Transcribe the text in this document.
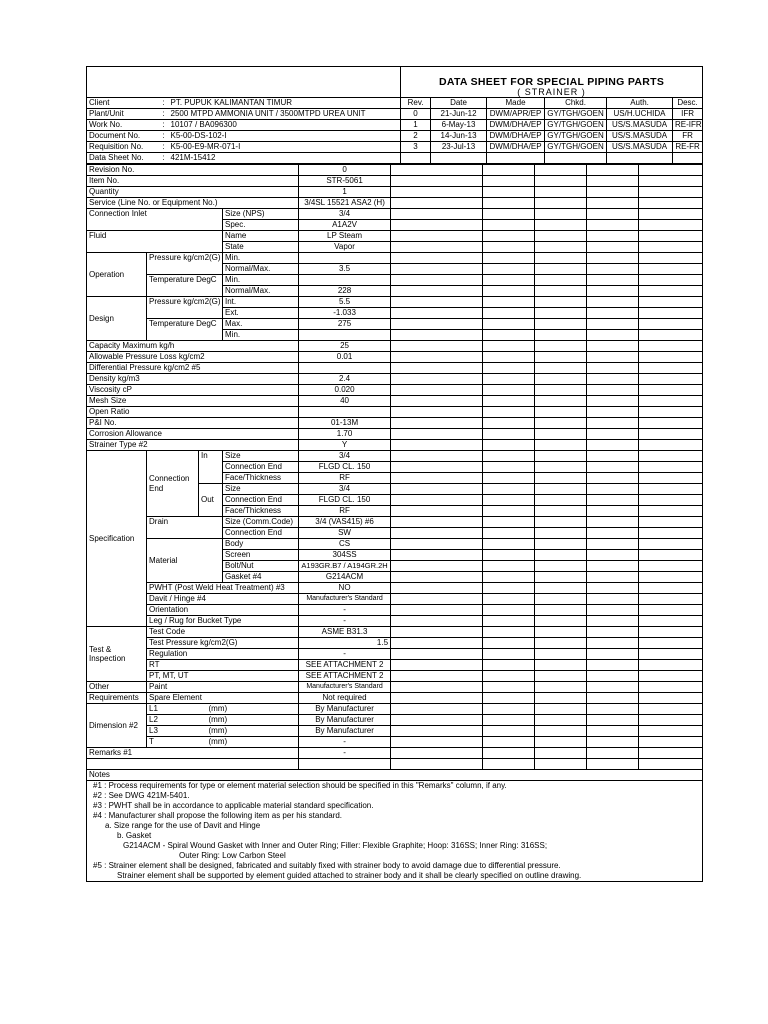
			DATA SHEET FOR SPECIAL PIPING PARTS					
			( STRAINER )					
Client	:	PT. PUPUK KALIMANTAN TIMUR	Rev.	Date	Made	Chkd.	Auth.	Desc.
Plant/Unit	:	2500 MTPD AMMONIA UNIT / 3500MTPD UREA UNIT	0	21-Jun-12	DWM/APR/EP	GY/TGH/GOEN	US/H.UCHIDA	IFR
Work No.	:	10107 / BA096300	1	6-May-13	DWM/DHA/EP	GY/TGH/GOEN	US/S.MASUDA	RE-IFR
Document No.	:	K5-00-DS-102-I	2	14-Jun-13	DWM/DHA/EP	GY/TGH/GOEN	US/S.MASUDA	FR
Requisition No.	:	K5-00-E9-MR-071-I	3	23-Jul-13	DWM/DHA/EP	GY/TGH/GOEN	US/S.MASUDA	RE-FR
Data Sheet No.	:	421M-15412						
Revision No.				0					
Item No.				STR-5061					
Quantity				1					
Service (Line No. or Equipment No.)				3/4SL 15521 ASA2 (H)					
Connection Inlet			Size (NPS)	3/4					
			Spec.	A1A2V					
Fluid			Name	LP Steam					
			State	Vapor					
Operation	Pressure kg/cm2(G)		Min.						
			Normal/Max.	3.5					
	Temperature DegC		Min.						
			Normal/Max.	228					
Design	Pressure kg/cm2(G)		Int.	5.5					
			Ext.	-1.033					
	Temperature DegC		Max.	275					
			Min.						
Capacity Maximum kg/h				25					
Allowable Pressure Loss kg/cm2				0.01					
Differential Pressure kg/cm2 #5									
Density kg/m3				2.4					
Viscosity cP				0.020					
Mesh Size				40					
Open Ratio									
P&I No.				01-13M					
Corrosion Allowance				1.70					
Strainer Type #2				Y					
Specification	Connection	In	Size	3/4					
			Connection End	FLGD CL. 150					
			Face/Thickness	RF					
	End	Out	Size	3/4					
			Connection End	FLGD CL. 150					
			Face/Thickness	RF					
	Drain		Size (Comm.Code)	3/4 (VAS415) #6					
			Connection End	SW					
	Material		Body	CS					
			Screen	304SS					
			Bolt/Nut	A193GR.B7 / A194GR.2H					
			Gasket #4	G214ACM					
	PWHT (Post Weld Heat Treatment) #3			NO					
	Davit / Hinge #4			Manufacturer's Standard					
	Orientation			-					
	Leg / Rug for Bucket Type			-					
Test &
Inspection	Test Code			ASME B31.3					
	Test Pressure kg/cm2(G)			1.5					
	Regulation			-					
	RT			SEE ATTACHMENT 2					
	PT, MT, UT			SEE ATTACHMENT 2					
Other	Paint			Manufacturer's Standard					
Requirements	Spare Element			Not required					
Dimension #2	L1	(mm)		By Manufacturer					
	L2	(mm)		By Manufacturer					
	L3	(mm)		By Manufacturer					
	T	(mm)		-					
Remarks #1				-					

Notes									
#1 : Process requirements for type or element material selection should be specified in this "Remarks" column, if any.									
#2 : See DWG 421M-5401.									
#3 : PWHT shall be in accordance to applicable material standard specification.									
#4 : Manufacturer shall propose the following item as per his standard.									
a. Size range for the use of Davit and Hinge									
b. Gasket									
G214ACM - Spiral Wound Gasket with Inner and Outer Ring; Filler: Flexible Graphite; Hoop: 316SS; Inner Ring: 316SS;									
Outer Ring: Low Carbon Steel									
#5 : Strainer element shall be designed, fabricated and suitably fixed with strainer body to avoid damage due to differential pressure.									
Strainer element shall be supported by element guided attached to strainer body and it shall be clearly specified on outline drawing.									
